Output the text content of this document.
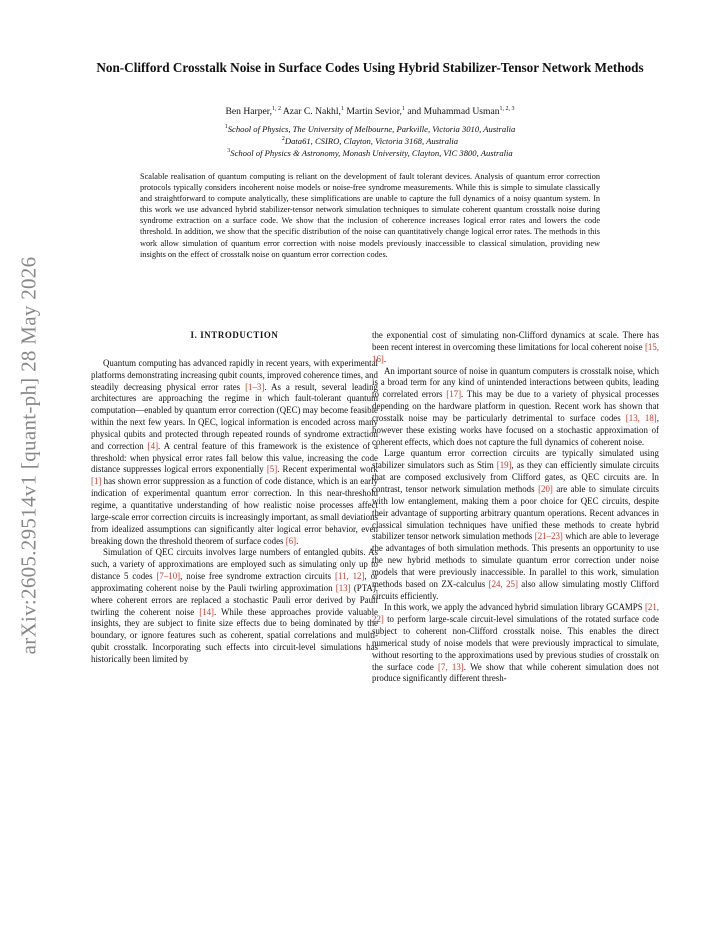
arXiv:2605.29514v1 [quant-ph] 28 May 2026
Non-Clifford Crosstalk Noise in Surface Codes Using Hybrid Stabilizer-Tensor Network Methods
Ben Harper,$^{1, 2}$ Azar C. Nakhl,$^1$ Martin Sevior,$^1$ and Muhammad Usman$^{1, 2, 3}$
$^1$School of Physics, The University of Melbourne, Parkville, Victoria 3010, Australia
$^2$Data61, CSIRO, Clayton, Victoria 3168, Australia
$^3$School of Physics & Astronomy, Monash University, Clayton, VIC 3800, Australia
Scalable realisation of quantum computing is reliant on the development of fault tolerant devices. Analysis of quantum error correction protocols typically considers incoherent noise models or noise-free syndrome measurements. While this is simple to simulate classically and straightforward to compute analytically, these simplifications are unable to capture the full dynamics of a noisy quantum system. In this work we use advanced hybrid stabilizer-tensor network simulation techniques to simulate coherent quantum crosstalk noise during syndrome extraction on a surface code. We show that the inclusion of coherence increases logical error rates and lowers the code threshold. In addition, we show that the specific distribution of the noise can quantitatively change logical error rates. The methods in this work allow simulation of quantum error correction with noise models previously inaccessible to classical simulation, providing new insights on the effect of crosstalk noise on quantum error correction codes.
I. INTRODUCTION

Quantum computing has advanced rapidly in recent years, with experimental platforms demonstrating increasing qubit counts, improved coherence times, and steadily decreasing physical error rates [1–3]. As a result, several leading architectures are approaching the regime in which fault-tolerant quantum computation—enabled by quantum error correction (QEC) may become feasible within the next few years. In QEC, logical information is encoded across many physical qubits and protected through repeated rounds of syndrome extraction and correction [4]. A central feature of this framework is the existence of a threshold: when physical error rates fall below this value, increasing the code distance suppresses logical errors exponentially [5]. Recent experimental work [1] has shown error suppression as a function of code distance, which is an early indication of experimental quantum error correction. In this near-threshold regime, a quantitative understanding of how realistic noise processes affect large-scale error correction circuits is increasingly important, as small deviations from idealized assumptions can significantly alter logical error behavior, even breaking down the threshold theorem of surface codes [6].

Simulation of QEC circuits involves large numbers of entangled qubits. As such, a variety of approximations are employed such as simulating only up to distance 5 codes [7–10], noise free syndrome extraction circuits [11, 12], or approximating coherent noise by the Pauli twirling approximation [13] (PTA), where coherent errors are replaced a stochastic Pauli error derived by Pauli twirling the coherent noise [14]. While these approaches provide valuable insights, they are subject to finite size effects due to being dominated by the boundary, or ignore features such as coherent, spatial correlations and multi-qubit crosstalk. Incorporating such effects into circuit-level simulations has historically been limited by

the exponential cost of simulating non-Clifford dynamics at scale. There has been recent interest in overcoming these limitations for local coherent noise [15, 16].

An important source of noise in quantum computers is crosstalk noise, which is a broad term for any kind of unintended interactions between qubits, leading to correlated errors [17]. This may be due to a variety of physical processes depending on the hardware platform in question. Recent work has shown that crosstalk noise may be particularly detrimental to surface codes [13, 18], however these existing works have focused on a stochastic approximation of coherent effects, which does not capture the full dynamics of coherent noise.

Large quantum error correction circuits are typically simulated using stabilizer simulators such as Stim [19], as they can efficiently simulate circuits that are composed exclusively from Clifford gates, as QEC circuits are. In contrast, tensor network simulation methods [20] are able to simulate circuits with low entanglement, making them a poor choice for QEC circuits, despite their advantage of supporting arbitrary quantum operations. Recent advances in classical simulation techniques have unified these methods to create hybrid stabilizer tensor network simulation methods [21–23] which are able to leverage the advantages of both simulation methods. This presents an opportunity to use the new hybrid methods to simulate quantum error correction under noise models that were previously inaccessible. In parallel to this work, simulation methods based on ZX-calculus [24, 25] also allow simulating mostly Clifford circuits efficiently.

In this work, we apply the advanced hybrid simulation library GCAMPS [21, 22] to perform large-scale circuit-level simulations of the rotated surface code subject to coherent non-Clifford crosstalk noise. This enables the direct numerical study of noise models that were previously impractical to simulate, without resorting to the approximations used by previous studies of crosstalk on the surface code [7, 13]. We show that while coherent simulation does not produce significantly different thresh-
